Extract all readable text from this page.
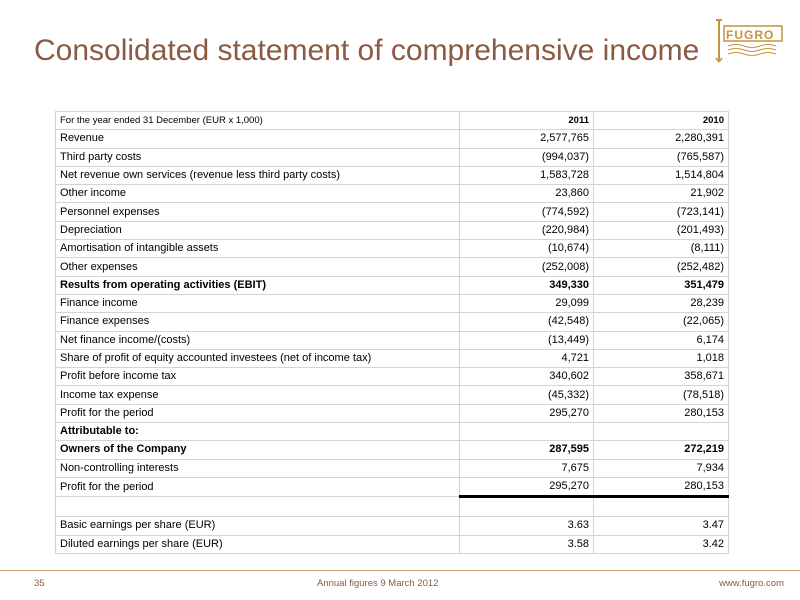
Consolidated statement of comprehensive income FUGRO
For the year ended 31 December (EUR x 1,000)	2011	2010
Revenue	2,577,765	2,280,391
Third party costs	(994,037)	(765,587)
Net revenue own services (revenue less third party costs)	1,583,728	1,514,804
Other income	23,860	21,902
Personnel expenses	(774,592)	(723,141)
Depreciation	(220,984)	(201,493)
Amortisation of intangible assets	(10,674)	(8,111)
Other expenses	(252,008)	(252,482)
Results from operating activities (EBIT)	349,330	351,479
Finance income	29,099	28,239
Finance expenses	(42,548)	(22,065)
Net finance income/(costs)	(13,449)	6,174
Share of profit of equity accounted investees (net of income tax)	4,721	1,018
Profit before income tax	340,602	358,671
Income tax expense	(45,332)	(78,518)
Profit for the period	295,270	280,153
Attributable to:		
Owners of the Company	287,595	272,219
Non-controlling interests	7,675	7,934
Profit for the period	295,270	280,153

Basic earnings per share (EUR)	3.63	3.47
Diluted earnings per share (EUR)	3.58	3.42
35	Annual figures 9 March 2012	www.fugro.com
